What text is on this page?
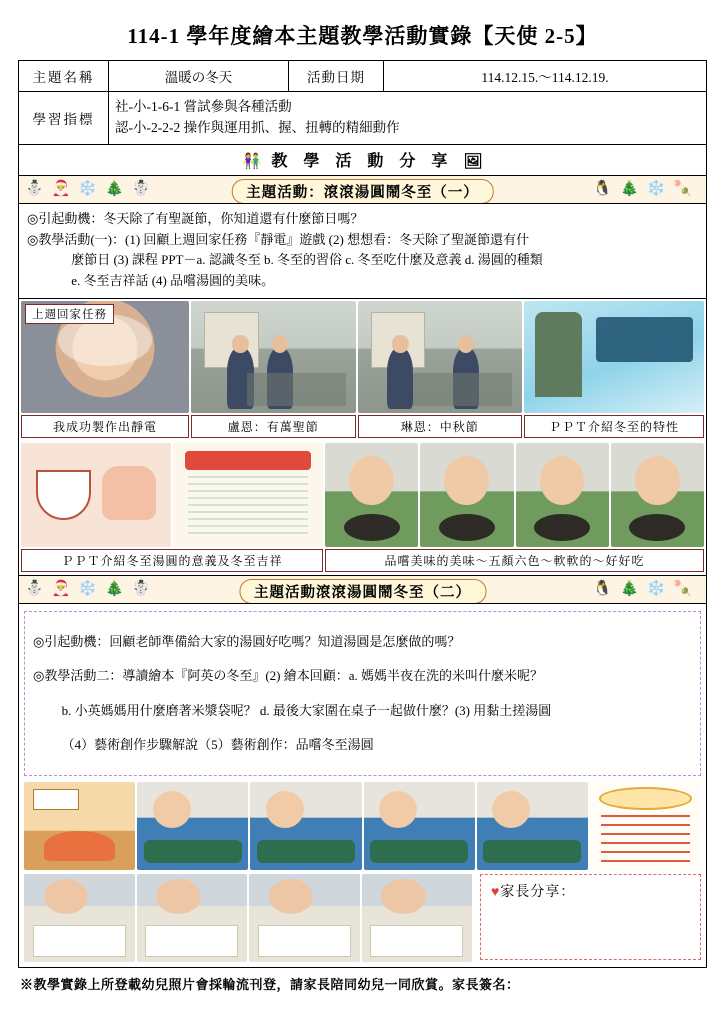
114-1 學年度繪本主題教學活動實錄【天使 2-5】
主題名稱	溫暖の冬天	活動日期	114.12.15.～114.12.19.
學習指標	社-小-1-6-1 嘗試參與各種活動
認-小-2-2-2 操作與運用抓、握、扭轉的精細動作		
👫 教 學 活 動 分 享 🖼
⛄🎅❄️🎄☃️	🐧🎄❄️🍡
主題活動：滾滾湯圓鬧冬至（一）

◎引起動機：冬天除了有聖誕節，你知道還有什麼節日嗎？

◎教學活動(一)：(1) 回顧上週回家任務『靜電』遊戲 (2) 想想看：冬天除了聖誕節還有什

麼節日 (3) 課程 PPT－a. 認識冬至 b. 冬至的習俗 c. 冬至吃什麼及意義 d. 湯圓的種類

e. 冬至吉祥話 (4) 品嚐湯圓的美味。

上週回家任務
我成功製作出靜電	盧恩：有萬聖節	琳恩：中秋節	ＰＰＴ介紹冬至的特性
ＰＰＴ介紹冬至湯圓的意義及冬至吉祥	品嚐美味的美味～五顏六色～軟軟的～好好吃
⛄🎅❄️🎄☃️	🐧🎄❄️🍡
主題活動滾滾湯圓鬧冬至（二）

◎引起動機：回顧老師準備給大家的湯圓好吃嗎？知道湯圓是怎麼做的嗎？

◎教學活動二：導讀繪本『阿英の冬至』(2) 繪本回顧：a. 媽媽半夜在洗的米叫什麼米呢？

b. 小英媽媽用什麼磨著米漿袋呢？ d. 最後大家圍在桌子一起做什麼？(3) 用黏土搓湯圓

（4）藝術創作步驟解說（5）藝術創作：品嚐冬至湯圓

♥家長分享：
※教學實錄上所登載幼兒照片會採輪流刊登，請家長陪同幼兒一同欣賞。家長簽名：
